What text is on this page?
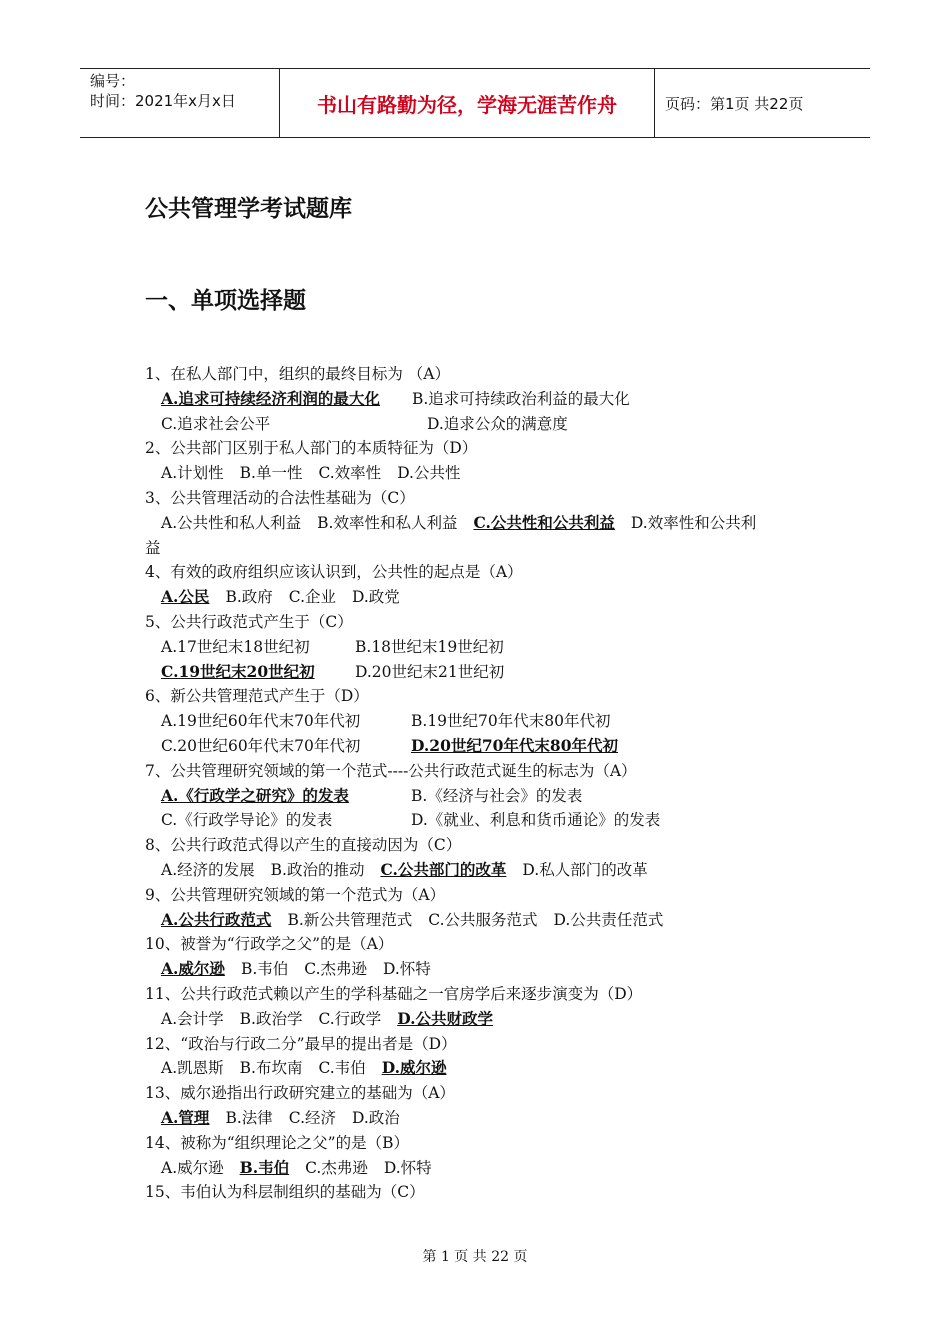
编号：
时间：2021年x月x日	书山有路勤为径，学海无涯苦作舟	页码：第1页 共22页
公共管理学考试题库
一、单项选择题
1、在私人部门中，组织的最终目标为 （A）
A.追求可持续经济利润的最大化 B.追求可持续政治利益的最大化
C.追求社会公平	D.追求公众的满意度
2、公共部门区别于私人部门的本质特征为（D）
A.计划性 B.单一性 C.效率性 D.公共性
3、公共管理活动的合法性基础为（C）
A.公共性和私人利益 B.效率性和私人利益 C.公共性和公共利益 D.效率性和公共利
益
4、有效的政府组织应该认识到，公共性的起点是（A）
A.公民 B.政府 C.企业 D.政党
5、公共行政范式产生于（C）
A.17世纪末18世纪初	B.18世纪末19世纪初
C.19世纪末20世纪初	D.20世纪末21世纪初
6、新公共管理范式产生于（D）
A.19世纪60年代末70年代初	B.19世纪70年代末80年代初
C.20世纪60年代末70年代初	D.20世纪70年代末80年代初
7、公共管理研究领域的第一个范式----公共行政范式诞生的标志为（A）
A.《行政学之研究》的发表	B.《经济与社会》的发表
C.《行政学导论》的发表	D.《就业、利息和货币通论》的发表
8、公共行政范式得以产生的直接动因为（C）
A.经济的发展 B.政治的推动 C.公共部门的改革 D.私人部门的改革
9、公共管理研究领域的第一个范式为（A）
A.公共行政范式 B.新公共管理范式 C.公共服务范式 D.公共责任范式
10、被誉为“行政学之父”的是（A）
A.威尔逊 B.韦伯 C.杰弗逊 D.怀特
11、公共行政范式赖以产生的学科基础之一官房学后来逐步演变为（D）
A.会计学 B.政治学 C.行政学 D.公共财政学
12、“政治与行政二分”最早的提出者是（D）
A.凯恩斯 B.布坎南 C.韦伯 D.威尔逊
13、威尔逊指出行政研究建立的基础为（A）
A.管理 B.法律 C.经济 D.政治
14、被称为“组织理论之父”的是（B）
A.威尔逊 B.韦伯 C.杰弗逊 D.怀特
15、韦伯认为科层制组织的基础为（C）
第 1 页 共 22 页
